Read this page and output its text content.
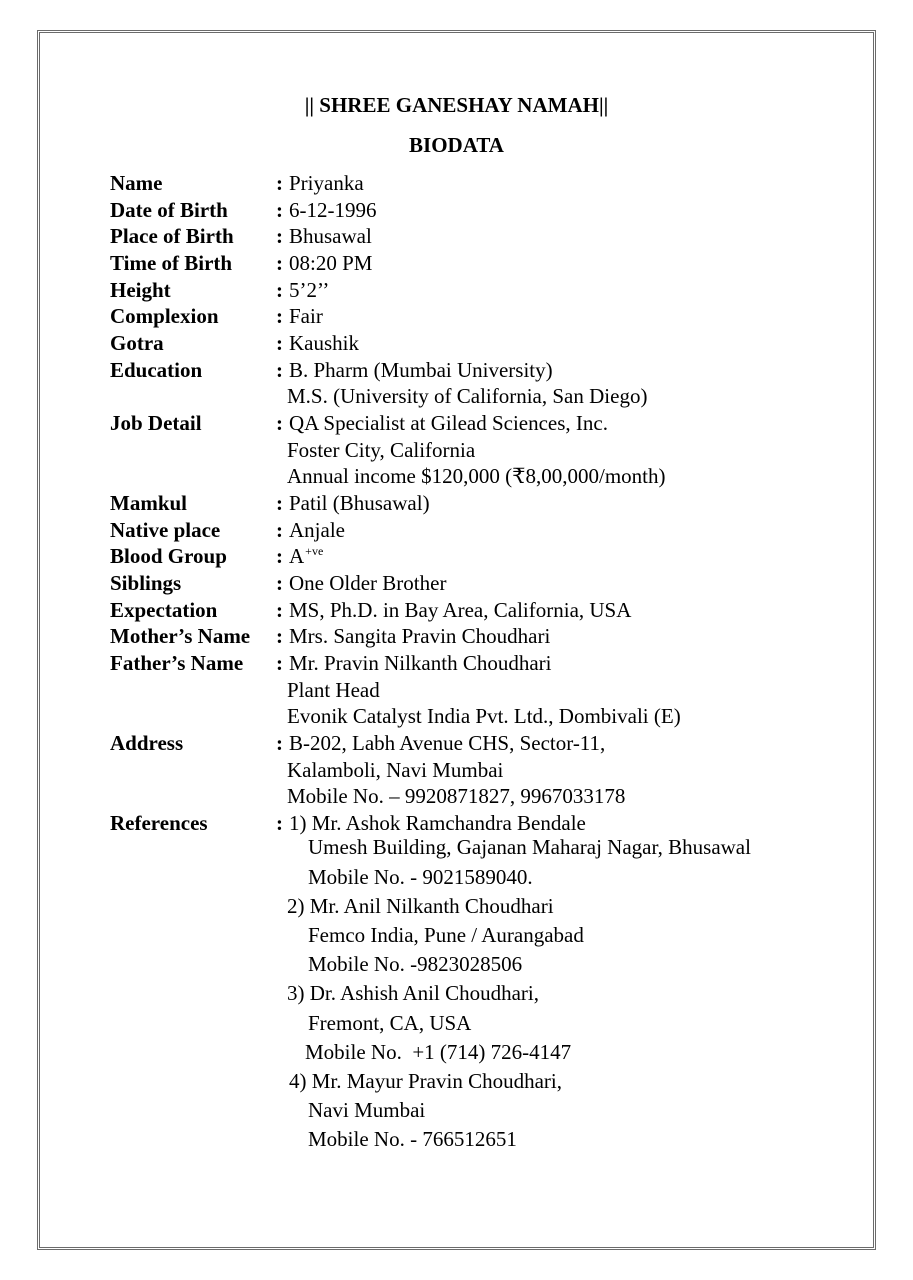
|| SHREE GANESHAY NAMAH||
BIODATA
Name	: Priyanka
Date of Birth	: 6-12-1996
Place of Birth	: Bhusawal
Time of Birth	: 08:20 PM
Height	: 5’2’’
Complexion	: Fair
Gotra	: Kaushik
Education	: B. Pharm (Mumbai University)
M.S. (University of California, San Diego)
Job Detail	: QA Specialist at Gilead Sciences, Inc.
Foster City, California
Annual income $120,000 (₹8,00,000/month)
Mamkul	: Patil (Bhusawal)
Native place	: Anjale
Blood Group	: $A^{+ve}$
Siblings	: One Older Brother
Expectation	: MS, Ph.D. in Bay Area, California, USA
Mother’s Name	: Mrs. Sangita Pravin Choudhari
Father’s Name	: Mr. Pravin Nilkanth Choudhari
Plant Head
Evonik Catalyst India Pvt. Ltd., Dombivali (E)
Address	: B-202, Labh Avenue CHS, Sector-11,
Kalamboli, Navi Mumbai
Mobile No. – 9920871827, 9967033178
References	: 1) Mr. Ashok Ramchandra Bendale
Umesh Building, Gajanan Maharaj Nagar, Bhusawal
Mobile No. - 9021589040.
2) Mr. Anil Nilkanth Choudhari
Femco India, Pune / Aurangabad
Mobile No. -9823028506
3) Dr. Ashish Anil Choudhari,
Fremont, CA, USA
Mobile No.  +1 (714) 726-4147
4) Mr. Mayur Pravin Choudhari,
Navi Mumbai
Mobile No. - 766512651
